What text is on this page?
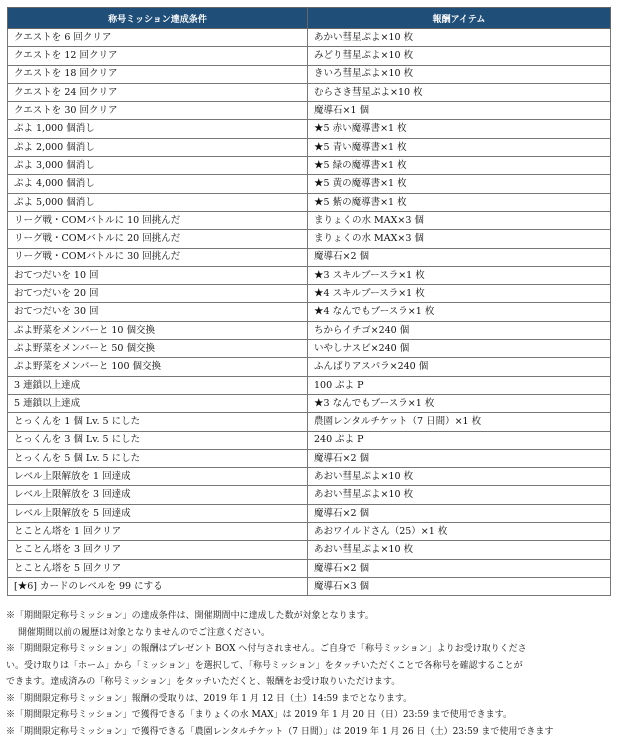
称号ミッション達成条件	報酬アイテム
クエストを 6 回クリア	あかい彗星ぷよ×10 枚
クエストを 12 回クリア	みどり彗星ぷよ×10 枚
クエストを 18 回クリア	きいろ彗星ぷよ×10 枚
クエストを 24 回クリア	むらさき彗星ぷよ×10 枚
クエストを 30 回クリア	魔導石×1 個
ぷよ 1,000 個消し	★5 赤い魔導書×1 枚
ぷよ 2,000 個消し	★5 青い魔導書×1 枚
ぷよ 3,000 個消し	★5 緑の魔導書×1 枚
ぷよ 4,000 個消し	★5 黄の魔導書×1 枚
ぷよ 5,000 個消し	★5 紫の魔導書×1 枚
リーグ戦・COMバトルに 10 回挑んだ	まりょくの水 MAX×3 個
リーグ戦・COMバトルに 20 回挑んだ	まりょくの水 MAX×3 個
リーグ戦・COMバトルに 30 回挑んだ	魔導石×2 個
おてつだいを 10 回	★3 スキルブースラ×1 枚
おてつだいを 20 回	★4 スキルブースラ×1 枚
おてつだいを 30 回	★4 なんでもブースラ×1 枚
ぷよ野菜をメンバーと 10 個交換	ちからイチゴ×240 個
ぷよ野菜をメンバーと 50 個交換	いやしナスビ×240 個
ぷよ野菜をメンバーと 100 個交換	ふんばりアスパラ×240 個
3 連鎖以上達成	100 ぷよ P
5 連鎖以上達成	★3 なんでもブースラ×1 枚
とっくんを 1 個 Lv. 5 にした	農園レンタルチケット（7 日間）×1 枚
とっくんを 3 個 Lv. 5 にした	240 ぷよ P
とっくんを 5 個 Lv. 5 にした	魔導石×2 個
レベル上限解放を 1 回達成	あおい彗星ぷよ×10 枚
レベル上限解放を 3 回達成	あおい彗星ぷよ×10 枚
レベル上限解放を 5 回達成	魔導石×2 個
とことん塔を 1 回クリア	あおワイルドさん（25）×1 枚
とことん塔を 3 回クリア	あおい彗星ぷよ×10 枚
とことん塔を 5 回クリア	魔導石×2 個
[★6] カードのレベルを 99 にする	魔導石×3 個

※「期間限定称号ミッション」の達成条件は、開催期間中に達成した数が対象となります。

開催期間以前の履歴は対象となりませんのでご注意ください。

※「期間限定称号ミッション」の報酬はプレゼント BOX へ付与されません。ご自身で「称号ミッション」よりお受け取りくださ

い。受け取りは「ホーム」から「ミッション」を選択して、「称号ミッション」をタッチいただくことで各称号を確認することが

できます。達成済みの「称号ミッション」をタッチいただくと、報酬をお受け取りいただけます。

※「期間限定称号ミッション」報酬の受取りは、2019 年 1 月 12 日（土）14:59 までとなります。

※「期間限定称号ミッション」で獲得できる「まりょくの水 MAX」は 2019 年 1 月 20 日（日）23:59 まで使用できます。

※「期間限定称号ミッション」で獲得できる「農園レンタルチケット（7 日間）」は 2019 年 1 月 26 日（土）23:59 まで使用できます
